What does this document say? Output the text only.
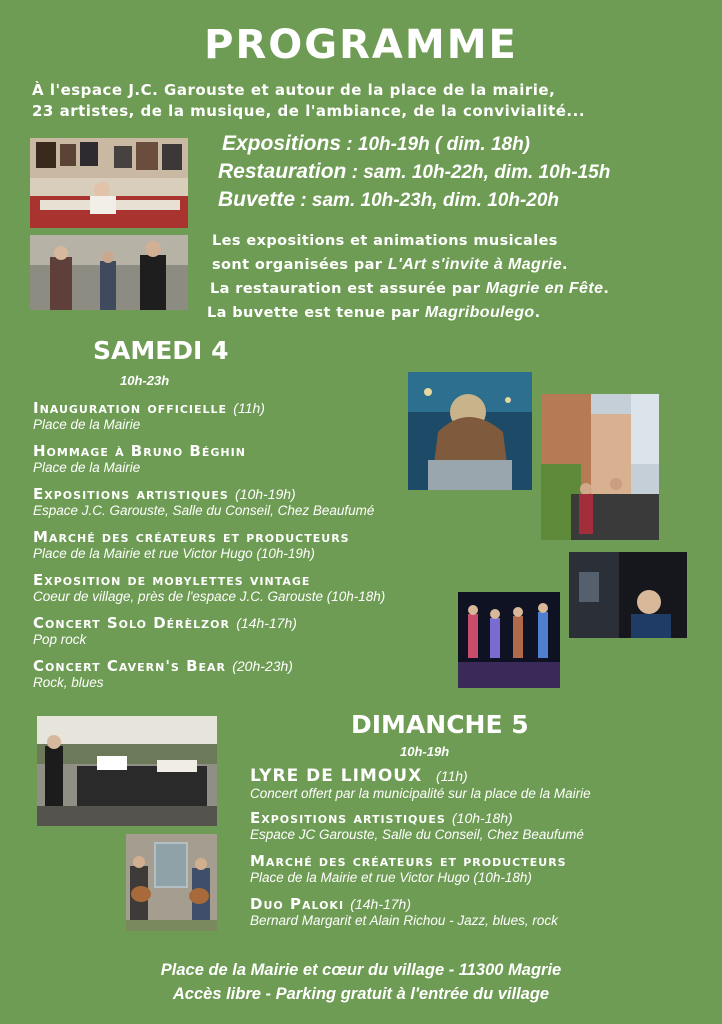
PROGRAMME
À l'espace J.C. Garouste et autour de la place de la mairie,
23 artistes, de la musique, de l'ambiance, de la convivialité...
Expositions : 10h-19h ( dim. 18h)
Restauration : sam. 10h-22h, dim. 10h-15h
Buvette : sam. 10h-23h, dim. 10h-20h
Les expositions et animations musicales
sont organisées par L'Art s'invite à Magrie.
La restauration est assurée par Magrie en Fête.
La buvette est tenue par Magriboulego.
SAMEDI 4
10h-23h
Inauguration officielle (11h)
Place de la Mairie
Hommage à Bruno Béghin
Place de la Mairie
Expositions artistiques (10h-19h)
Espace J.C. Garouste, Salle du Conseil, Chez Beaufumé
Marché des créateurs et producteurs
Place de la Mairie et rue Victor Hugo (10h-19h)
Exposition de mobylettes vintage
Coeur de village, près de l'espace J.C. Garouste (10h-18h)
Concert Solo Dérèlzor (14h-17h)
Pop rock
Concert Cavern's Bear (20h-23h)
Rock, blues
DIMANCHE 5
10h-19h
LYRE DE LIMOUX (11h)
Concert offert par la municipalité sur la place de la Mairie
Expositions artistiques (10h-18h)
Espace JC Garouste, Salle du Conseil, Chez Beaufumé
Marché des créateurs et producteurs
Place de la Mairie et rue Victor Hugo (10h-18h)
Duo Paloki (14h-17h)
Bernard Margarit et Alain Richou - Jazz, blues, rock
Place de la Mairie et cœur du village - 11300 Magrie
Accès libre - Parking gratuit à l'entrée du village
